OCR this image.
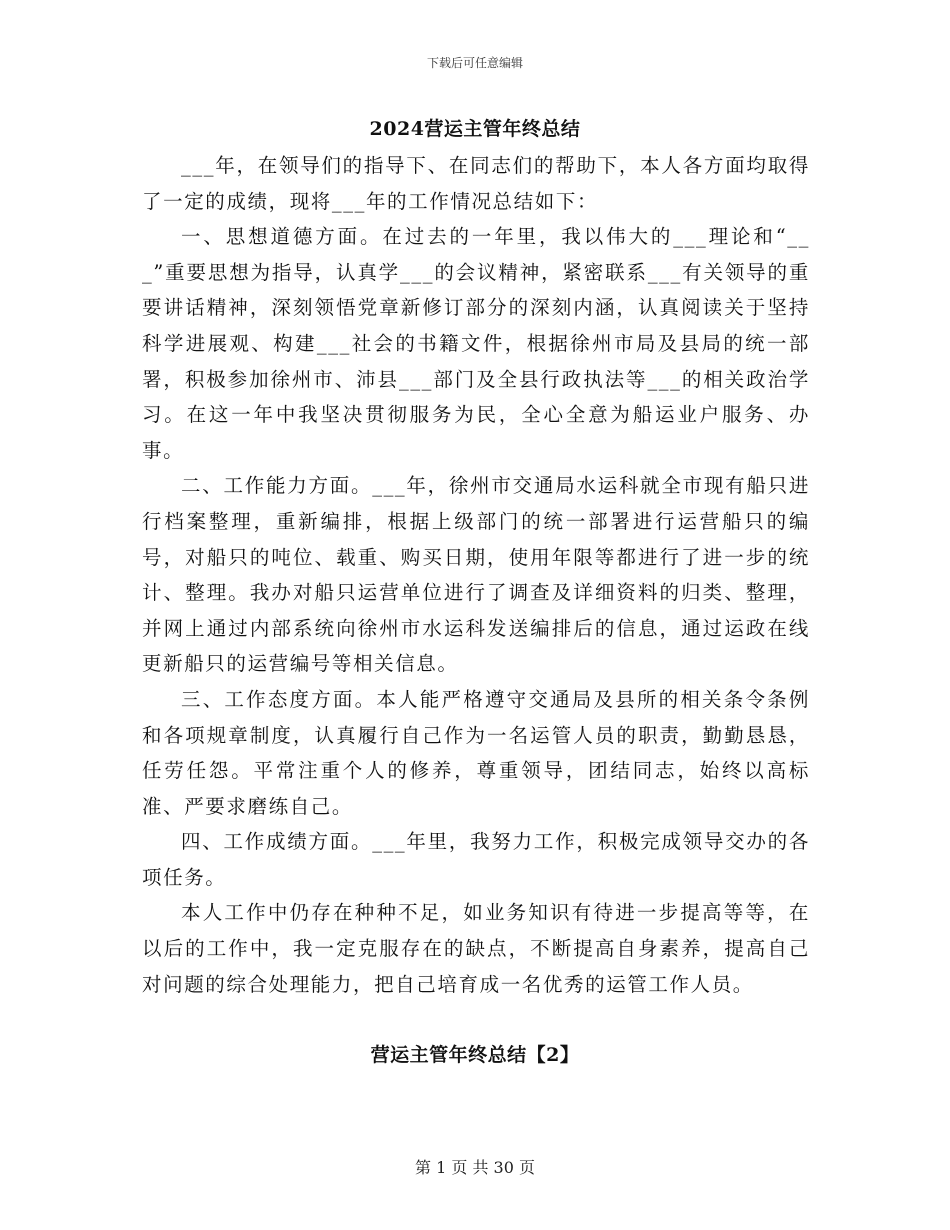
下载后可任意编辑
2024营运主管年终总结

___年，在领导们的指导下、在同志们的帮助下，本人各方面均取得了一定的成绩，现将___年的工作情况总结如下：

一、思想道德方面。在过去的一年里，我以伟大的___理论和“___”重要思想为指导，认真学___的会议精神，紧密联系___有关领导的重要讲话精神，深刻领悟党章新修订部分的深刻内涵，认真阅读关于坚持科学进展观、构建___社会的书籍文件，根据徐州市局及县局的统一部署，积极参加徐州市、沛县___部门及全县行政执法等___的相关政治学习。在这一年中我坚决贯彻服务为民，全心全意为船运业户服务、办事。

二、工作能力方面。___年，徐州市交通局水运科就全市现有船只进行档案整理，重新编排，根据上级部门的统一部署进行运营船只的编号，对船只的吨位、载重、购买日期，使用年限等都进行了进一步的统计、整理。我办对船只运营单位进行了调查及详细资料的归类、整理，并网上通过内部系统向徐州市水运科发送编排后的信息，通过运政在线更新船只的运营编号等相关信息。

三、工作态度方面。本人能严格遵守交通局及县所的相关条令条例和各项规章制度，认真履行自己作为一名运管人员的职责，勤勤恳恳，任劳任怨。平常注重个人的修养，尊重领导，团结同志，始终以高标准、严要求磨练自己。

四、工作成绩方面。___年里，我努力工作，积极完成领导交办的各项任务。

本人工作中仍存在种种不足，如业务知识有待进一步提高等等，在以后的工作中，我一定克服存在的缺点，不断提高自身素养，提高自己对问题的综合处理能力，把自己培育成一名优秀的运管工作人员。

营运主管年终总结【2】
第 1 页 共 30 页
